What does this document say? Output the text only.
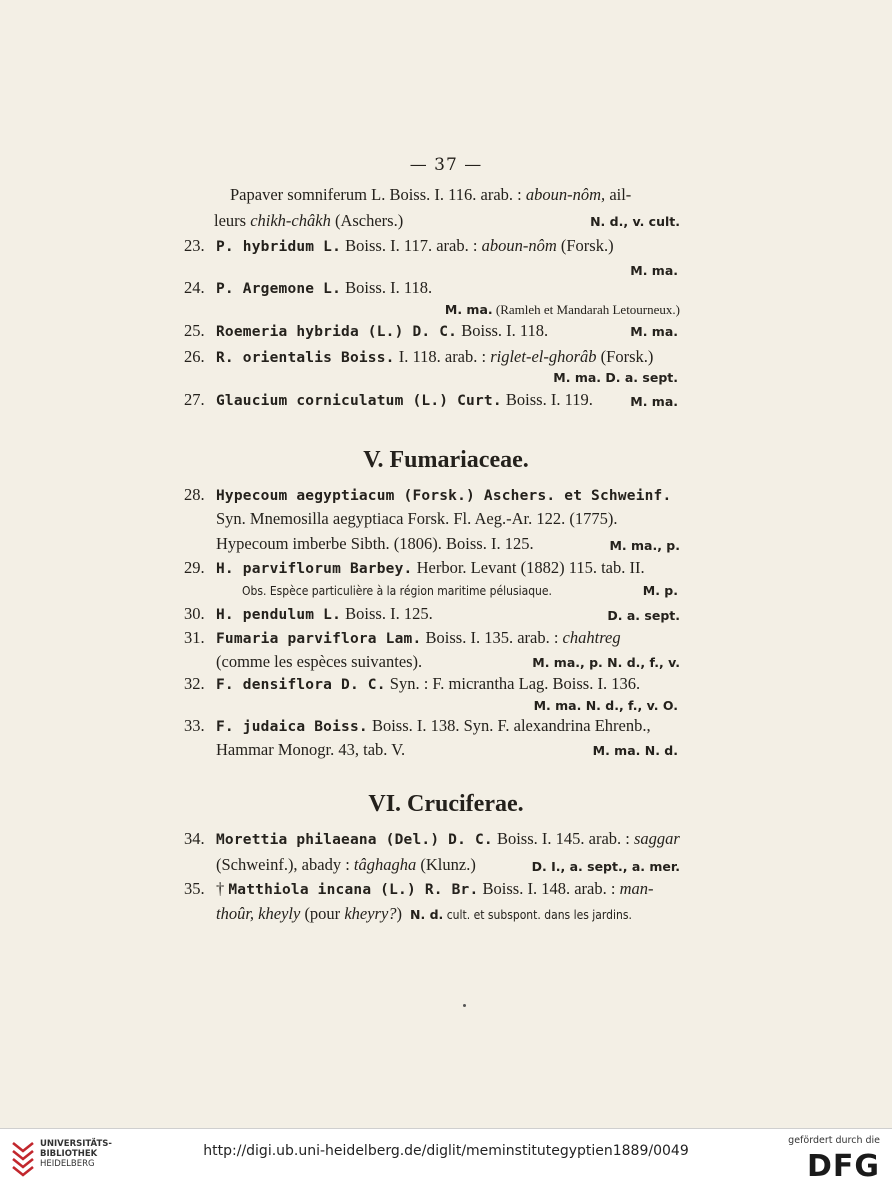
— 37 —
Papaver somniferum L. Boiss. I. 116. arab. : aboun-nôm, ail-
leurs chikh-châkh (Aschers.)	N. d., v. cult.
23. P. hybridum L. Boiss. I. 117. arab. : aboun-nôm (Forsk.)
M. ma.
24. P. Argemone L. Boiss. I. 118.
M. ma. (Ramleh et Mandarah Letourneux.)
25. Roemeria hybrida (L.) D. C. Boiss. I. 118.	M. ma.
26. R. orientalis Boiss. I. 118. arab. : riglet-el-ghorâb (Forsk.)
M. ma. D. a. sept.
27. Glaucium corniculatum (L.) Curt. Boiss. I. 119.	M. ma.
V. Fumariaceae.
28. Hypecoum aegyptiacum (Forsk.) Aschers. et Schweinf.
Syn. Mnemosilla aegyptiaca Forsk. Fl. Aeg.-Ar. 122. (1775).
Hypecoum imberbe Sibth. (1806). Boiss. I. 125.	M. ma., p.
29. H. parviflorum Barbey. Herbor. Levant (1882) 115. tab. II.
Obs. Espèce particulière à la région maritime pélusiaque.	M. p.
30. H. pendulum L. Boiss. I. 125.	D. a. sept.
31. Fumaria parviflora Lam. Boiss. I. 135. arab. : chahtreg
(comme les espèces suivantes).	M. ma., p. N. d., f., v.
32. F. densiflora D. C. Syn. : F. micrantha Lag. Boiss. I. 136.
M. ma. N. d., f., v. O.
33. F. judaica Boiss. Boiss. I. 138. Syn. F. alexandrina Ehrenb.,
Hammar Monogr. 43, tab. V.	M. ma. N. d.
VI. Cruciferae.
34. Morettia philaeana (Del.) D. C. Boiss. I. 145. arab. : saggar
(Schweinf.), abady : tâghagha (Klunz.)	D. I., a. sept., a. mer.
35. † Matthiola incana (L.) R. Br. Boiss. I. 148. arab. : man-
thoûr, kheyly (pour kheyry?) N. d. cult. et subspont. dans les jardins.
UNIVERSITÄTS-
BIBLIOTHEK
HEIDELBERG
http://digi.ub.uni-heidelberg.de/diglit/meminstitutegyptien1889/0049
gefördert durch die
DFG
